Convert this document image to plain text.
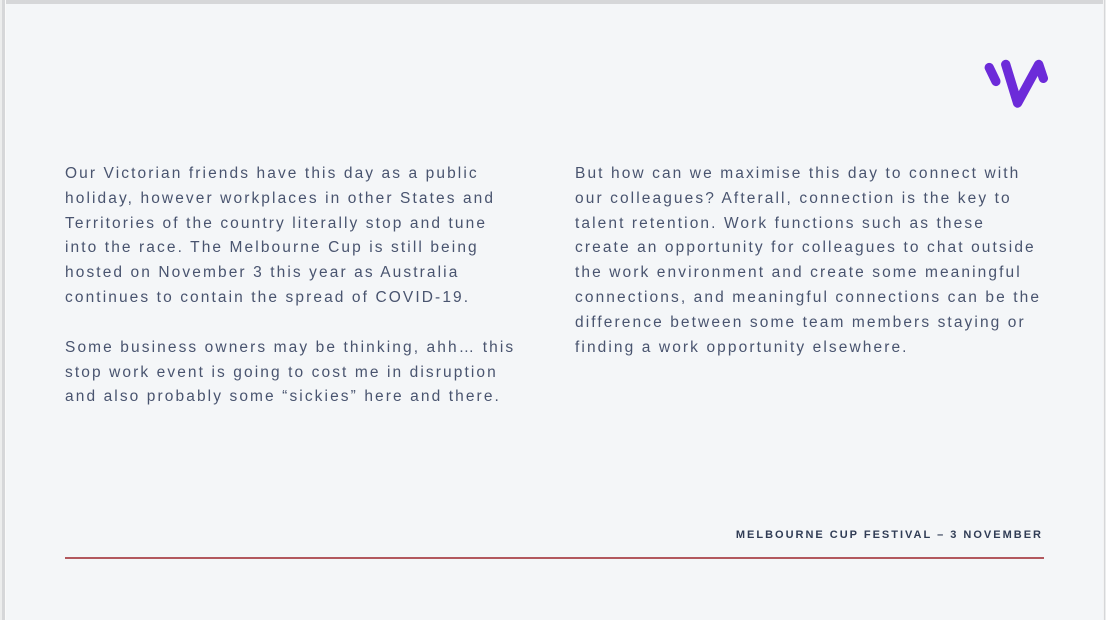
Our Victorian friends have this day as a public holiday, however workplaces in other States and Territories of the country literally stop and tune into the race. The Melbourne Cup is still being hosted on November 3 this year as Australia continues to contain the spread of COVID-19.

Some business owners may be thinking, ahh… this stop work event is going to cost me in disruption and also probably some “sickies” here and there.

But how can we maximise this day to connect with our colleagues? Afterall, connection is the key to talent retention. Work functions such as these create an opportunity for colleagues to chat outside the work environment and create some meaningful connections, and meaningful connections can be the difference between some team members staying or finding a work opportunity elsewhere.

MELBOURNE CUP FESTIVAL – 3 NOVEMBER
